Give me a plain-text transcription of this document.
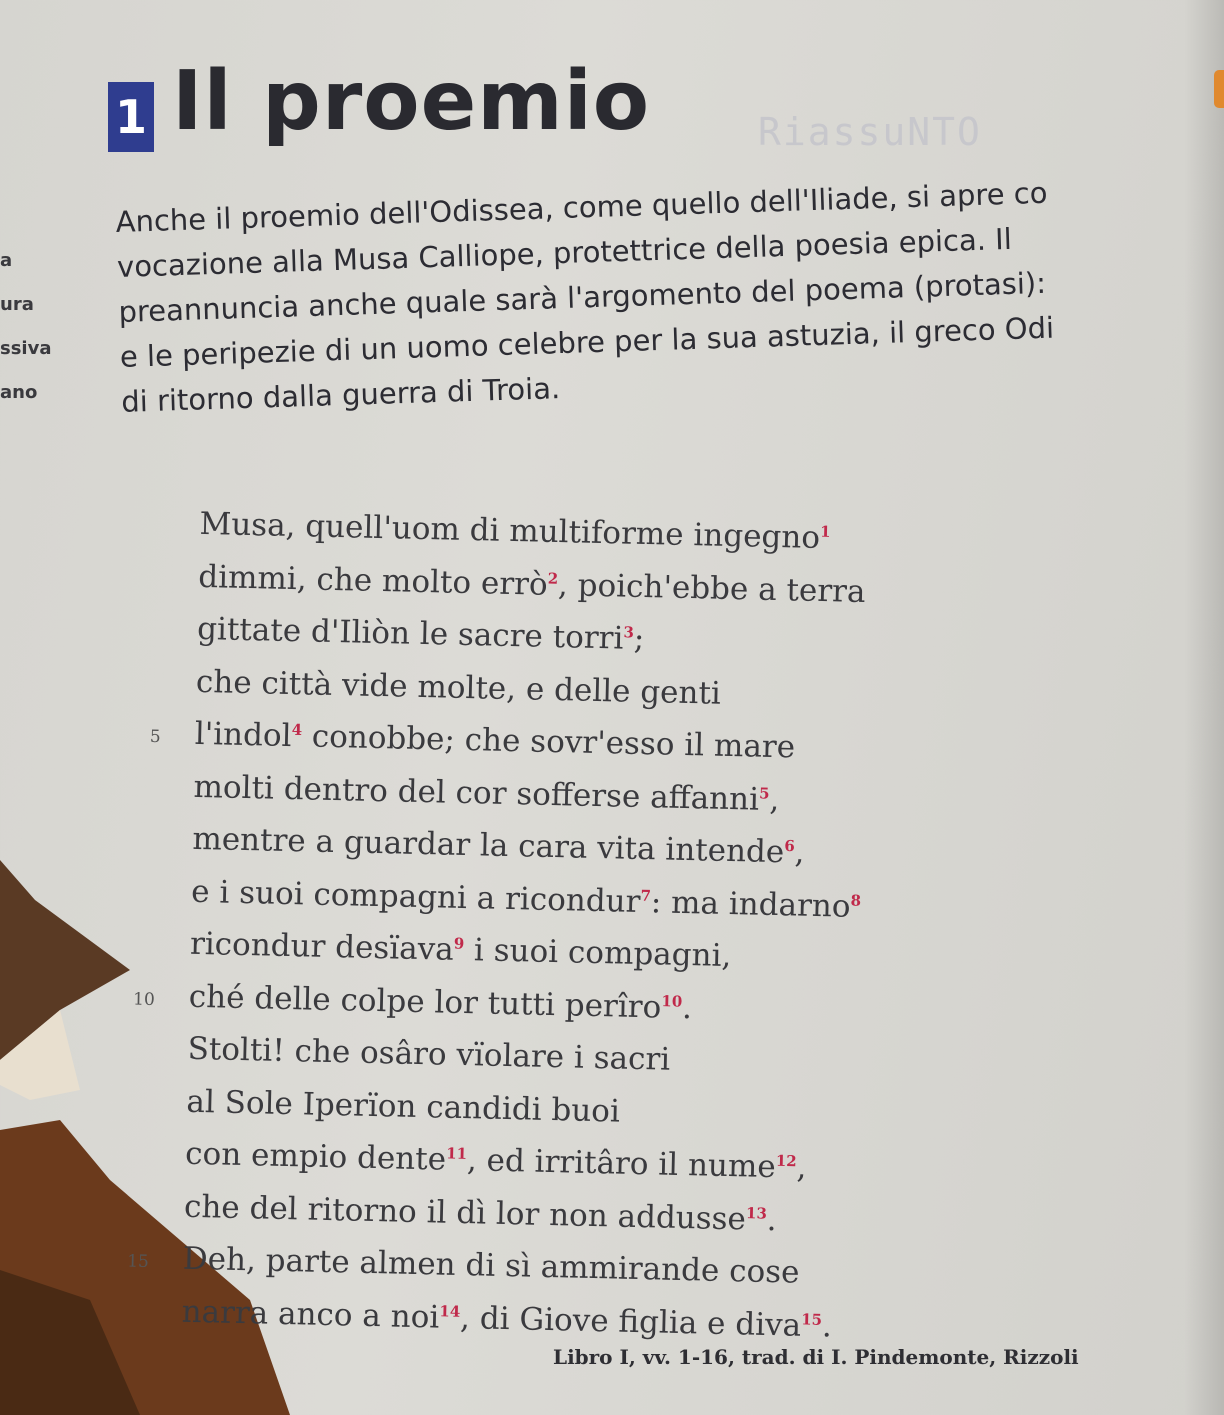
1 Il proemio	RiassuNTO
a
ura
ssiva
ano
Anche il proemio dell'Odissea, come quello dell'Iliade, si apre co
vocazione alla Musa Calliope, protettrice della poesia epica. Il
preannuncia anche quale sarà l'argomento del poema (protasi):
e le peripezie di un uomo celebre per la sua astuzia, il greco Odi
di ritorno dalla guerra di Troia.
Musa, quell'uom di multiforme ingegno$^1$
dimmi, che molto errò$^2$, poich'ebbe a terra
gittate d'Iliòn le sacre torri$^3$;
che città vide molte, e delle genti
5 l'indol$^4$ conobbe; che sovr'esso il mare
molti dentro del cor sofferse affanni$^5$,
mentre a guardar la cara vita intende$^6$,
e i suoi compagni a ricondur$^7$: ma indarno$^8$
ricondur desïava$^9$ i suoi compagni,
10 ché delle colpe lor tutti perîro$^{10}$.
Stolti! che osâro vïolare i sacri
al Sole Iperïon candidi buoi
con empio dente$^{11}$, ed irritâro il nume$^{12}$,
che del ritorno il dì lor non addusse$^{13}$.
15 Deh, parte almen di sì ammirande cose
narra anco a noi$^{14}$, di Giove figlia e diva$^{15}$.
Libro I, vv. 1-16, trad. di I. Pindemonte, Rizzoli
